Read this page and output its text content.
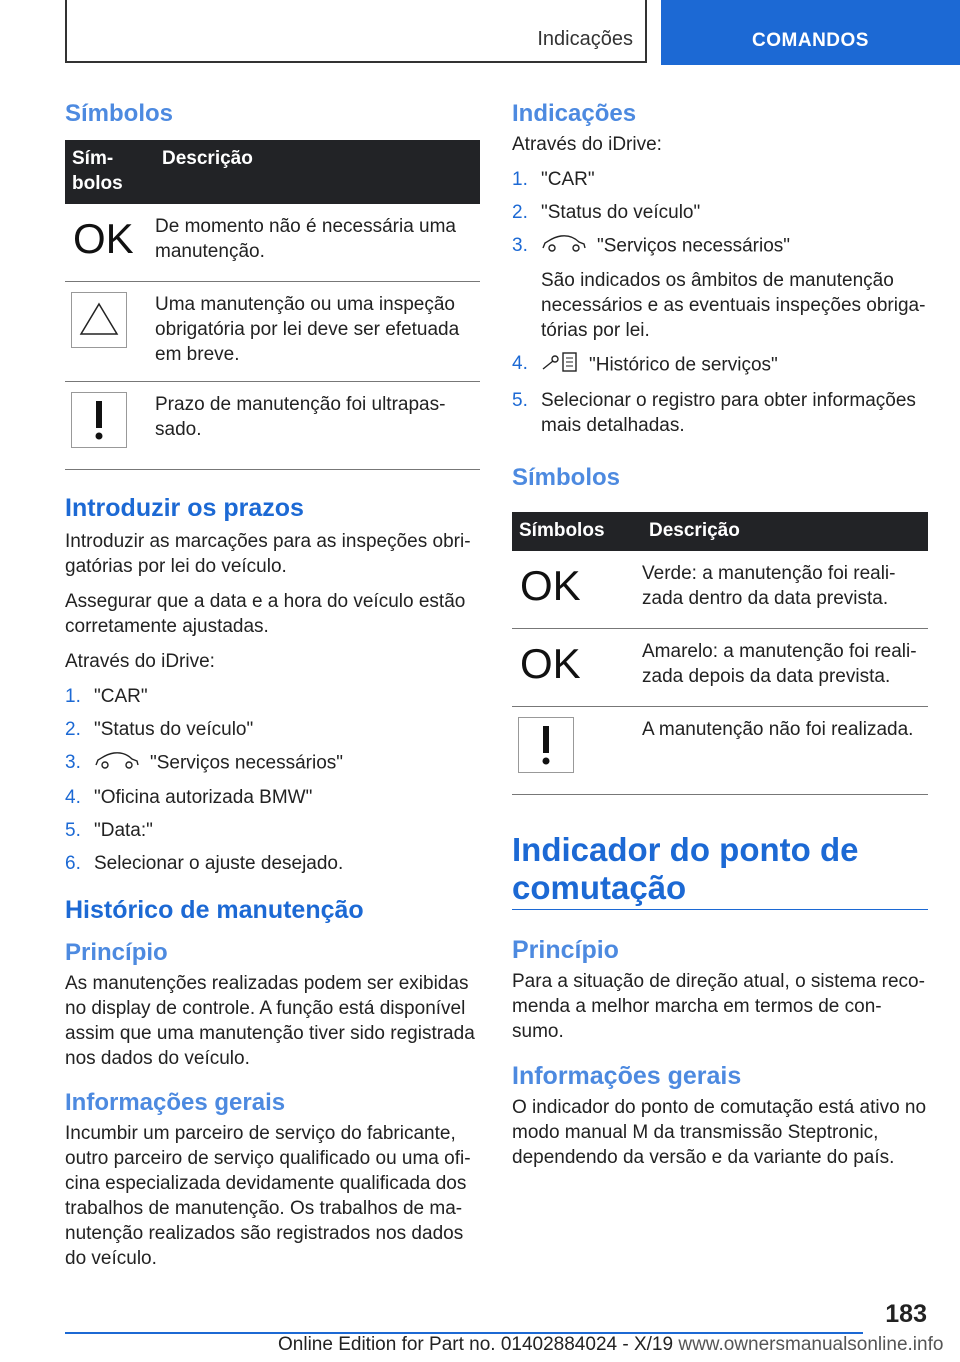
Indicações	COMANDOS
Símbolos
Sím-
bolos	Descrição

OK	De momento não é necessária uma manutenção.
	Uma manutenção ou uma inspeção obrigatória por lei deve ser efetuada em breve.
	Prazo de manutenção foi ultrapas-sado.
Introduzir os prazos

Introduzir as marcações para as inspeções obri-gatórias por lei do veículo.

Assegurar que a data e a hora do veículo estão corretamente ajustadas.

Através do iDrive:

1. "CAR"
2. "Status do veículo"
3.	"Serviços necessários"
4. "Oficina autorizada BMW"
5. "Data:"
6. Selecionar o ajuste desejado.
Histórico de manutenção
Princípio

As manutenções realizadas podem ser exibidas no display de controle. A função está disponível assim que uma manutenção tiver sido registrada nos dados do veículo.

Informações gerais

Incumbir um parceiro de serviço do fabricante, outro parceiro de serviço qualificado ou uma ofi-cina especializada devidamente qualificada dos trabalhos de manutenção. Os trabalhos de ma-nutenção realizados são registrados nos dados do veículo.

Indicações

Através do iDrive:

1. "CAR"
2. "Status do veículo"
3.	"Serviços necessários"
São indicados os âmbitos de manutenção necessários e as eventuais inspeções obriga-tórias por lei.
4.	"Histórico de serviços"
5. Selecionar o registro para obter informações mais detalhadas.
Símbolos
Símbolos	Descrição

OK	Verde: a manutenção foi reali-zada dentro da data prevista.

OK	Amarelo: a manutenção foi reali-zada depois da data prevista.
	A manutenção não foi realizada.
Indicador do ponto de comutação
Princípio

Para a situação de direção atual, o sistema reco-menda a melhor marcha em termos de con-sumo.

Informações gerais

O indicador do ponto de comutação está ativo no modo manual M da transmissão Steptronic, dependendo da versão e da variante do país.

183
Online Edition for Part no. 01402884024 - X/19 www.ownersmanualsonline.info
